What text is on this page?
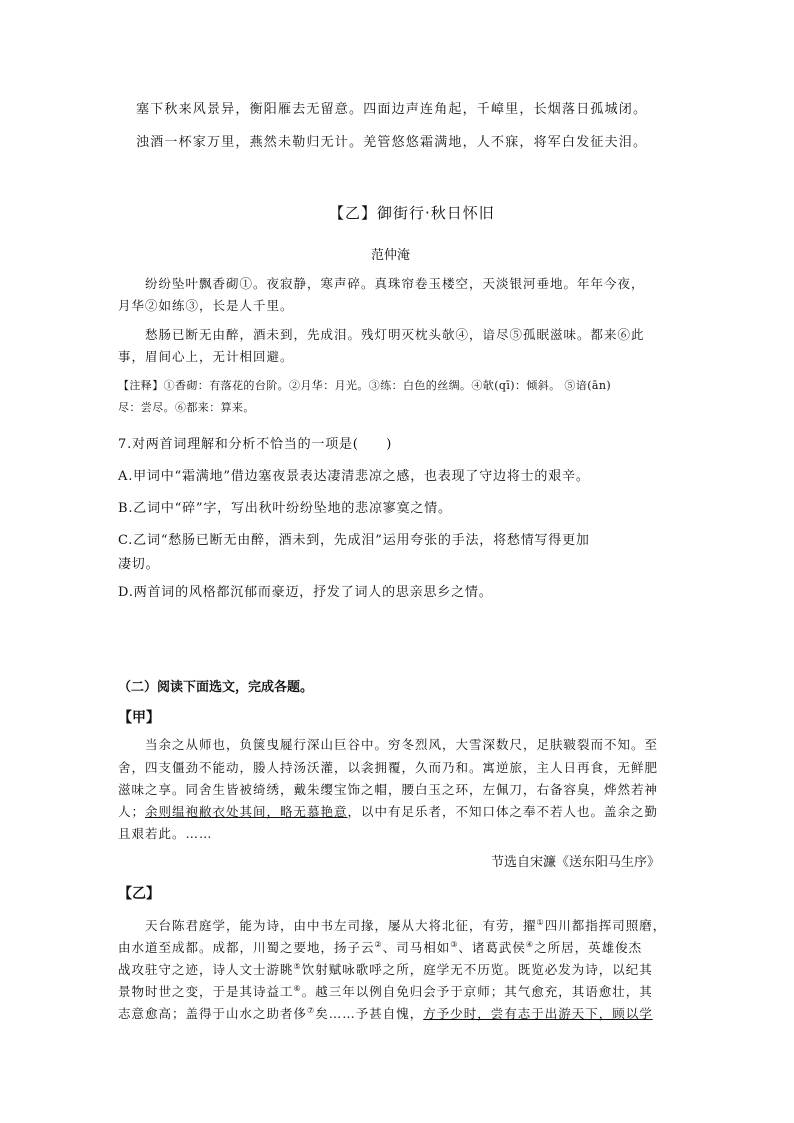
塞下秋来风景异，衡阳雁去无留意。四面边声连角起，千嶂里，长烟落日孤城闭。
浊酒一杯家万里，燕然未勒归无计。羌管悠悠霜满地，人不寐，将军白发征夫泪。
【乙】御街行·秋日怀旧
范仲淹
纷纷坠叶飘香砌①。夜寂静，寒声碎。真珠帘卷玉楼空，天淡银河垂地。年年今夜，
月华②如练③，长是人千里。
愁肠已断无由醉，酒未到，先成泪。残灯明灭枕头欹④，谙尽⑤孤眠滋味。都来⑥此
事，眉间心上，无计相回避。
【注释】①香砌：有落花的台阶。②月华：月光。③练：白色的丝绸。④欹(qī)：倾斜。 ⑤谙(ān)
尽：尝尽。⑥都来：算来。
7.对两首词理解和分析不恰当的一项是(　　)
A.甲词中“霜满地”借边塞夜景表达凄清悲凉之感，也表现了守边将士的艰辛。
B.乙词中“碎”字，写出秋叶纷纷坠地的悲凉寥寞之情。
C.乙词“愁肠已断无由醉，酒未到，先成泪”运用夸张的手法，将愁情写得更加
凄切。
D.两首词的风格都沉郁而豪迈，抒发了词人的思亲思乡之情。
（二）阅读下面选文，完成各题。
【甲】
当余之从师也，负箧曳屣行深山巨谷中。穷冬烈风，大雪深数尺，足肤皲裂而不知。至
舍，四支僵劲不能动，媵人持汤沃灌，以衾拥覆，久而乃和。寓逆旅，主人日再食，无鲜肥
滋味之享。同舍生皆被绮绣，戴朱缨宝饰之帽，腰白玉之环，左佩刀，右备容臭，烨然若神
人；余则缊袍敝衣处其间，略无慕艳意，以中有足乐者，不知口体之奉不若人也。盖余之勤
且艰若此。……
节选自宋濂《送东阳马生序》
【乙】
天台陈君庭学，能为诗，由中书左司掾，屡从大将北征，有劳，擢①四川都指挥司照磨，
由水道至成都。成都，川蜀之要地，扬子云②、司马相如③、诸葛武侯④之所居，英雄俊杰
战攻驻守之迹，诗人文士游眺⑤饮射赋咏歌呼之所，庭学无不历览。既览必发为诗，以纪其
景物时世之变，于是其诗益工⑥。越三年以例自免归会予于京师；其气愈充，其语愈壮，其
志意愈高；盖得于山水之助者侈⑦矣……予甚自愧，方予少时，尝有志于出游天下，顾以学
